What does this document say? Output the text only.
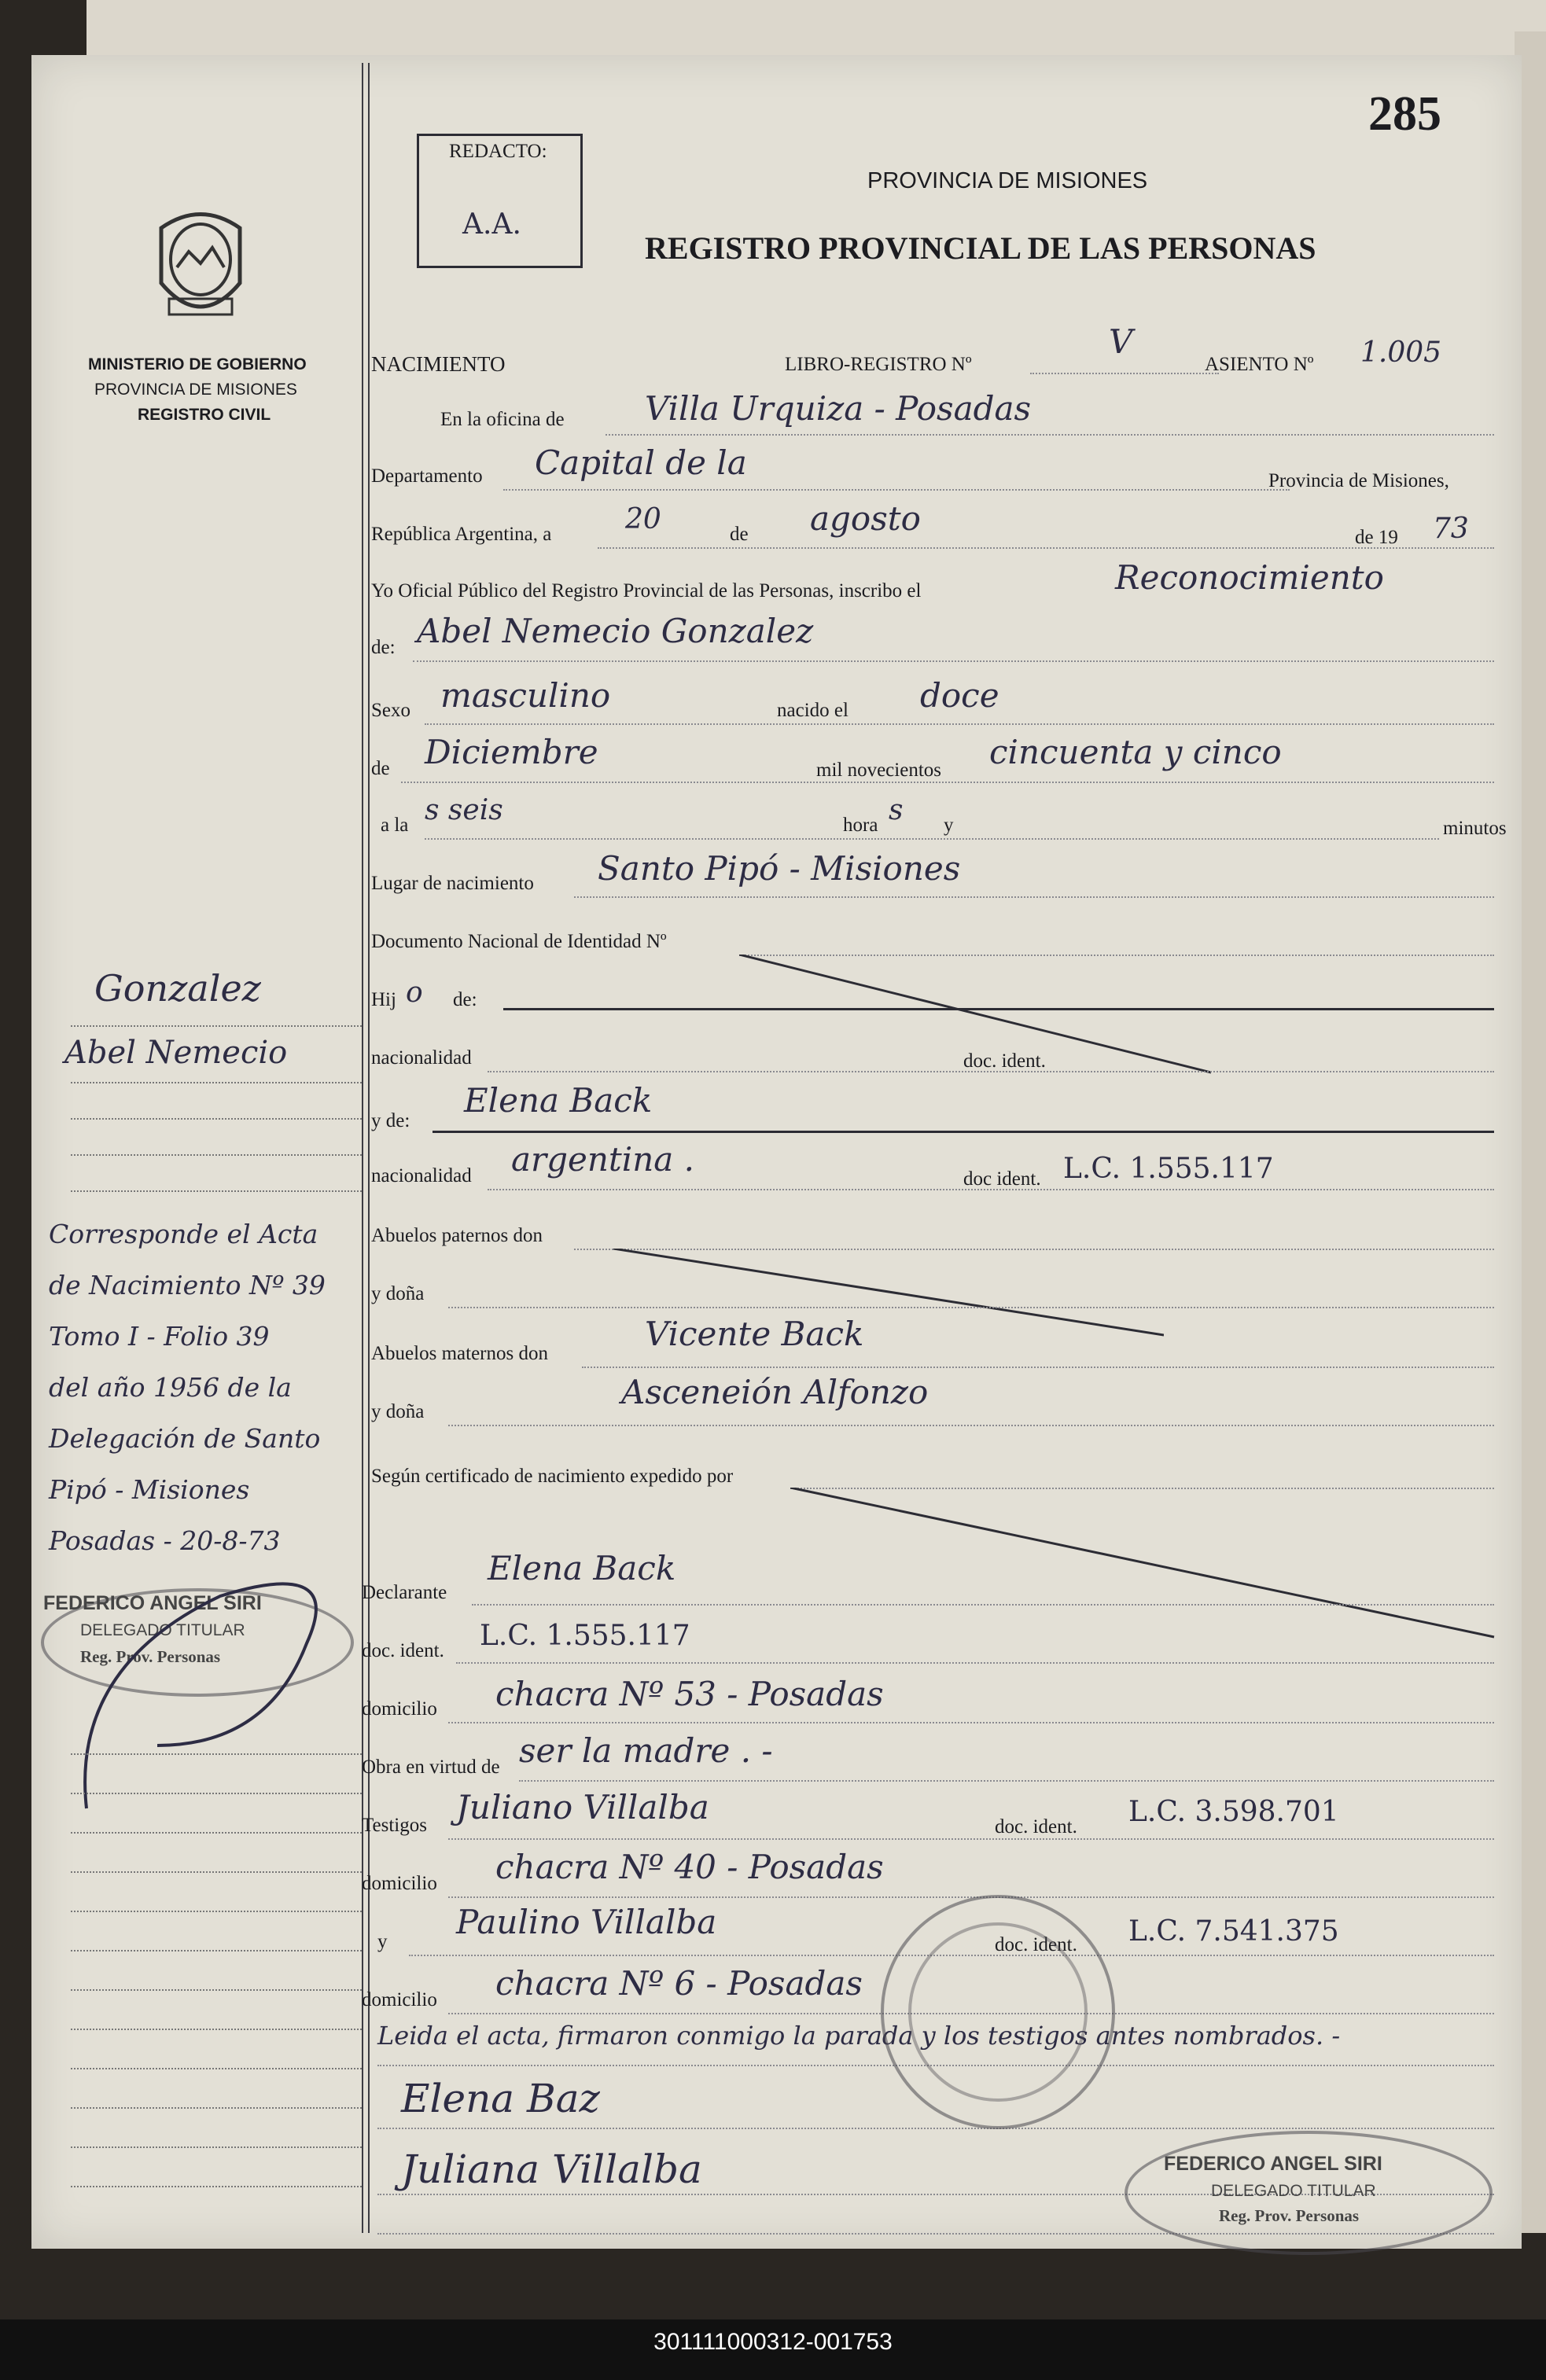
285
REDACTO:
A.A.
PROVINCIA DE MISIONES
REGISTRO PROVINCIAL DE LAS PERSONAS
MINISTERIO DE GOBIERNO
PROVINCIA DE MISIONES
REGISTRO CIVIL
NACIMIENTO	LIBRO-REGISTRO Nº
V
ASIENTO Nº 1.005
En la oficina de Villa Urquiza - Posadas
Departamento Capital de la	Provincia de Misiones,
República Argentina, a	20	de agosto	de 19 73
Yo Oficial Público del Registro Provincial de las Personas, inscribo el	Reconocimiento
de: Abel Nemecio Gonzalez
Sexo masculino	nacido el doce
de Diciembre	mil novecientos cincuenta y cinco
a la s seis	hora s y	minutos
Lugar de nacimiento Santo Pipó - Misiones
Documento Nacional de Identidad Nº
Hij o de:
nacionalidad	doc. ident.
y de:
Elena Back
nacionalidad argentina .
doc ident. L.C. 1.555.117
Abuelos paternos don
y doña
Abuelos maternos don
Vicente Back
y doña
Asceneión Alfonzo
Según certificado de nacimiento expedido por
Declarante
Elena Back
doc. ident. L.C. 1.555.117
domicilio chacra Nº 53 - Posadas
Obra en virtud de ser la madre . -
Testigos Juliano Villalba
doc. ident. L.C. 3.598.701
domicilio chacra Nº 40 - Posadas
y
Paulino Villalba
doc. ident. L.C. 7.541.375
domicilio chacra Nº 6 - Posadas
Leida el acta, firmaron conmigo la parada y los testigos antes nombrados. -
Elena Baz
Juliana Villalba	FEDERICO ANGEL SIRI
DELEGADO TITULAR
Reg. Prov. Personas
Gonzalez
Abel Nemecio
Corresponde el Acta
de Nacimiento Nº 39
Tomo I - Folio 39
del año 1956 de la
Delegación de Santo
Pipó - Misiones
Posadas - 20-8-73
FEDERICO ANGEL SIRI
DELEGADO TITULAR
Reg. Prov. Personas
301111000312-001753
